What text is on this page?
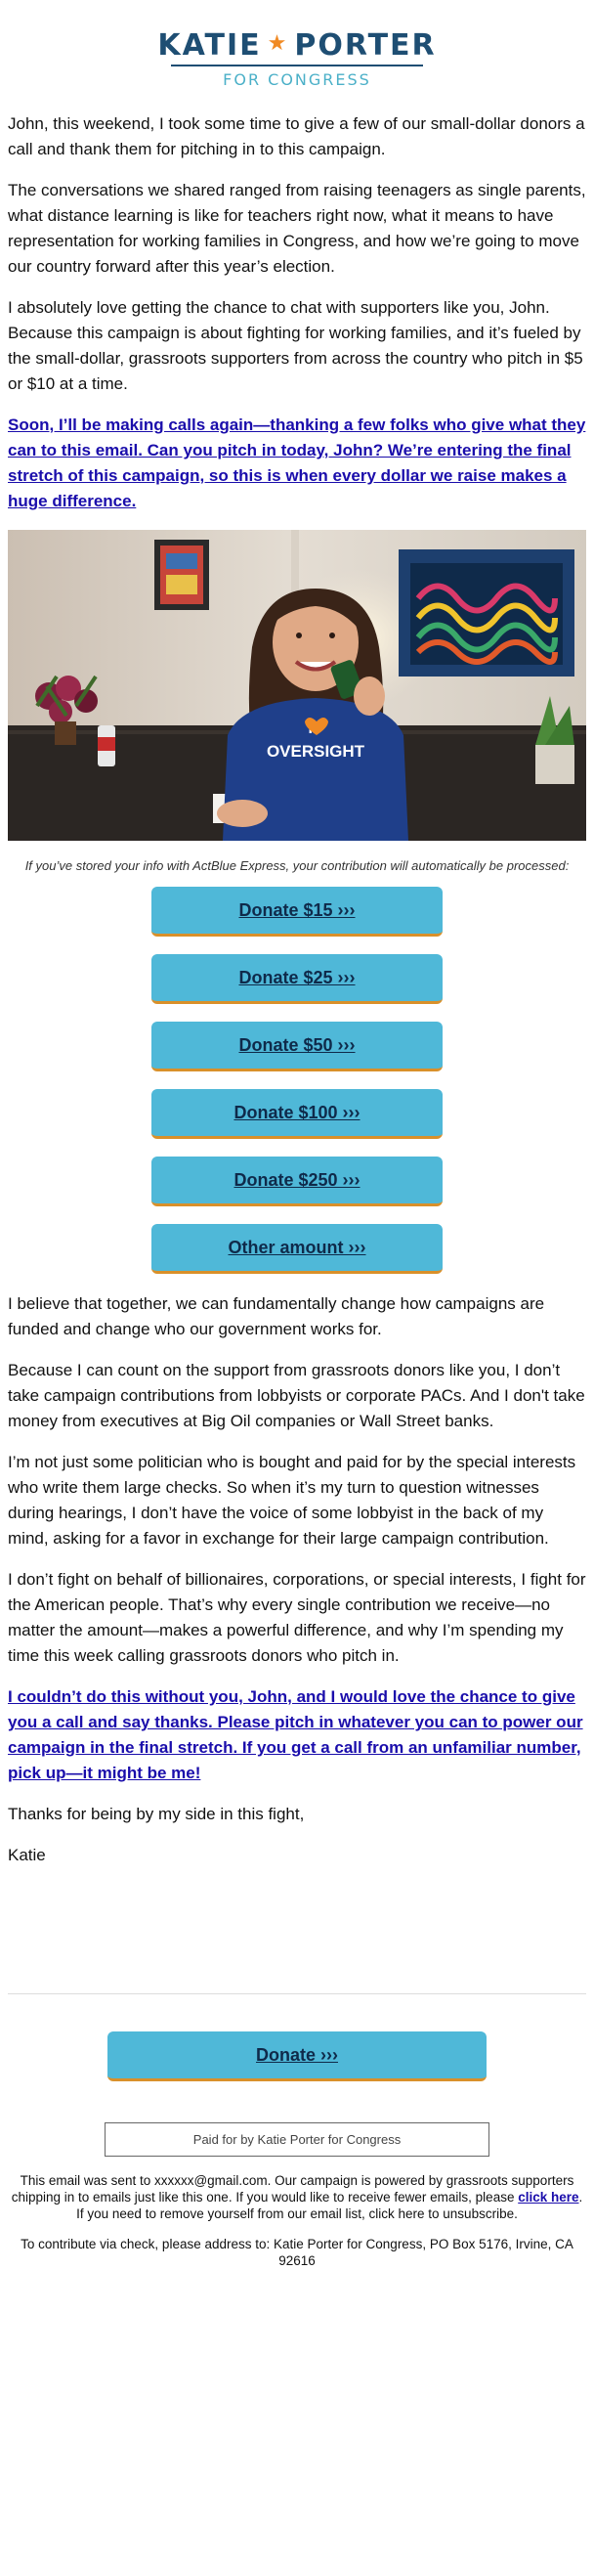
KATIE ★ PORTER
FOR CONGRESS

John, this weekend, I took some time to give a few of our small-dollar donors a call and thank them for pitching in to this campaign.

The conversations we shared ranged from raising teenagers as single parents, what distance learning is like for teachers right now, what it means to have representation for working families in Congress, and how we’re going to move our country forward after this year’s election.

I absolutely love getting the chance to chat with supporters like you, John. Because this campaign is about fighting for working families, and it’s fueled by the small-dollar, grassroots supporters from across the country who pitch in $5 or $10 at a time.

Soon, I’ll be making calls again—thanking a few folks who give what they can to this email. Can you pitch in today, John? We’re entering the final stretch of this campaign, so this is when every dollar we raise makes a huge difference.

OVERSIGHT
If you’ve stored your info with ActBlue Express, your contribution will automatically be processed:
Donate $15 ›››
Donate $25 ›››
Donate $50 ›››
Donate $100 ›››
Donate $250 ›››
Other amount ›››

I believe that together, we can fundamentally change how campaigns are funded and change who our government works for.

Because I can count on the support from grassroots donors like you, I don’t take campaign contributions from lobbyists or corporate PACs. And I don't take money from executives at Big Oil companies or Wall Street banks.

I’m not just some politician who is bought and paid for by the special interests who write them large checks. So when it’s my turn to question witnesses during hearings, I don’t have the voice of some lobbyist in the back of my mind, asking for a favor in exchange for their large campaign contribution.

I don’t fight on behalf of billionaires, corporations, or special interests, I fight for the American people. That’s why every single contribution we receive—no matter the amount—makes a powerful difference, and why I’m spending my time this week calling grassroots donors who pitch in.

I couldn’t do this without you, John, and I would love the chance to give you a call and say thanks. Please pitch in whatever you can to power our campaign in the final stretch. If you get a call from an unfamiliar number, pick up—it might be me!

Thanks for being by my side in this fight,

Katie

Donate ›››
Paid for by Katie Porter for Congress
This email was sent to xxxxxx@gmail.com. Our campaign is powered by grassroots supporters chipping in to emails just like this one. If you would like to receive fewer emails, please click here. If you need to remove yourself from our email list, click here to unsubscribe.
To contribute via check, please address to: Katie Porter for Congress, PO Box 5176, Irvine, CA 92616
